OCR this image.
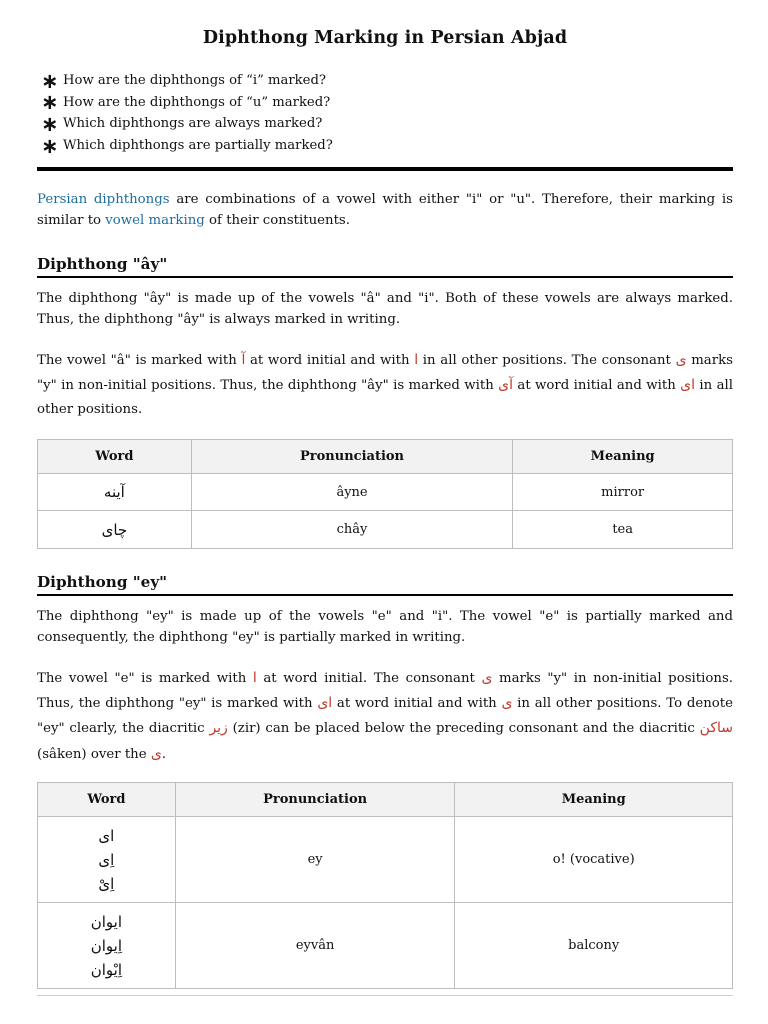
Diphthong Marking in Persian Abjad
∗ How are the diphthongs of “i” marked?
∗ How are the diphthongs of “u” marked?
∗ Which diphthongs are always marked?
∗ Which diphthongs are partially marked?

Persian diphthongs are combinations of a vowel with either "i" or "u". Therefore, their marking is similar to vowel marking of their constituents.

Diphthong "ây"

The diphthong "ây" is made up of the vowels "â" and "i". Both of these vowels are always marked. Thus, the diphthong "ây" is always marked in writing.

The vowel "â" is marked with آ at word initial and with ا in all other positions. The consonant ی marks "y" in non-initial positions. Thus, the diphthong "ây" is marked with آی at word initial and with ای in all other positions.

Word	Pronunciation	Meaning
آینه	âyne	mirror
چای	chây	tea
Diphthong "ey"

The diphthong "ey" is made up of the vowels "e" and "i". The vowel "e" is partially marked and consequently, the diphthong "ey" is partially marked in writing.

The vowel "e" is marked with ا at word initial. The consonant ی marks "y" in non-initial positions. Thus, the diphthong "ey" is marked with ای at word initial and with ی in all other positions. To denote "ey" clearly, the diacritic زیر (zir) can be placed below the preceding consonant and the diacritic ساکن (sâken) over the ی.

Word	Pronunciation	Meaning

ای
اِی
اِیْ	ey	o! (vocative)

ایوان
اِیوان
اِیْوان	eyvân	balcony
